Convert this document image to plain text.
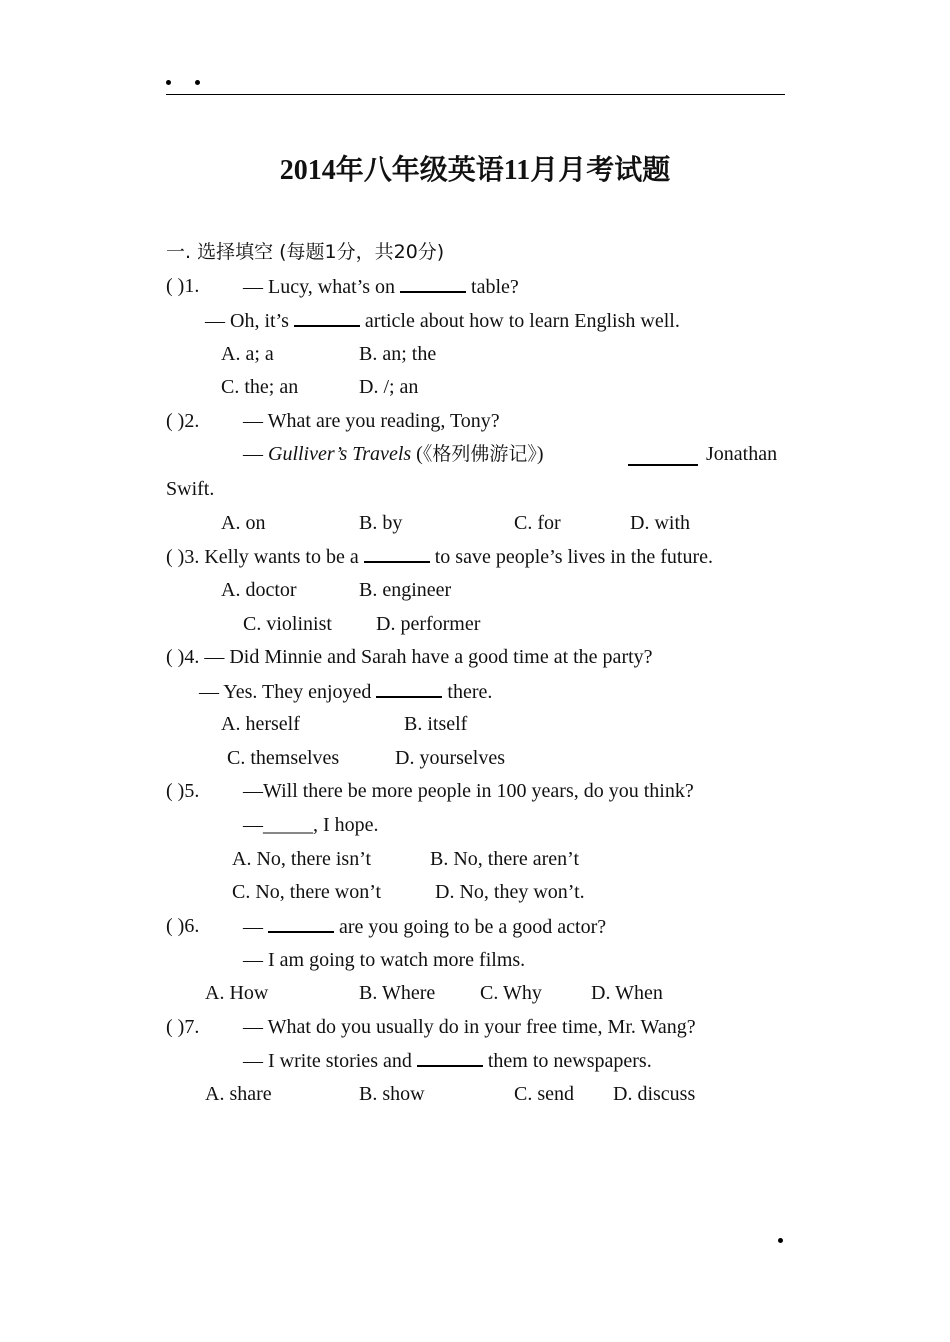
2014年八年级英语11月月考试题
一. 选择填空 (每题1分，共20分)
( )1. — Lucy, what’s on	table?
— Oh, it’s	article about how to learn English well.
A. a; a	B. an; the
C. the; an	D. /; an
( )2. — What are you reading, Tony?
— Gulliver’s Travels (《格列佛游记》)	Jonathan
Swift.
A. on	B. by	C. for	D. with
( )3. Kelly wants to be a	to save people’s lives in the future.
A. doctor	B. engineer
C. violinist D. performer
( )4. — Did Minnie and Sarah have a good time at the party?
— Yes. They enjoyed	there.
A. herself	B. itself
C. themselves	D. yourselves
( )5. —Will there be more people in 100 years, do you think?
—_____, I hope.
A. No, there isn’t	B. No, there aren’t
C. No, there won’t	D. No, they won’t.
( )6. —	are you going to be a good actor?
— I am going to watch more films.
A. How	B. Where C. Why D. When
( )7. — What do you usually do in your free time, Mr. Wang?
— I write stories and	them to newspapers.
A. share	B. show	C. send D. discuss
